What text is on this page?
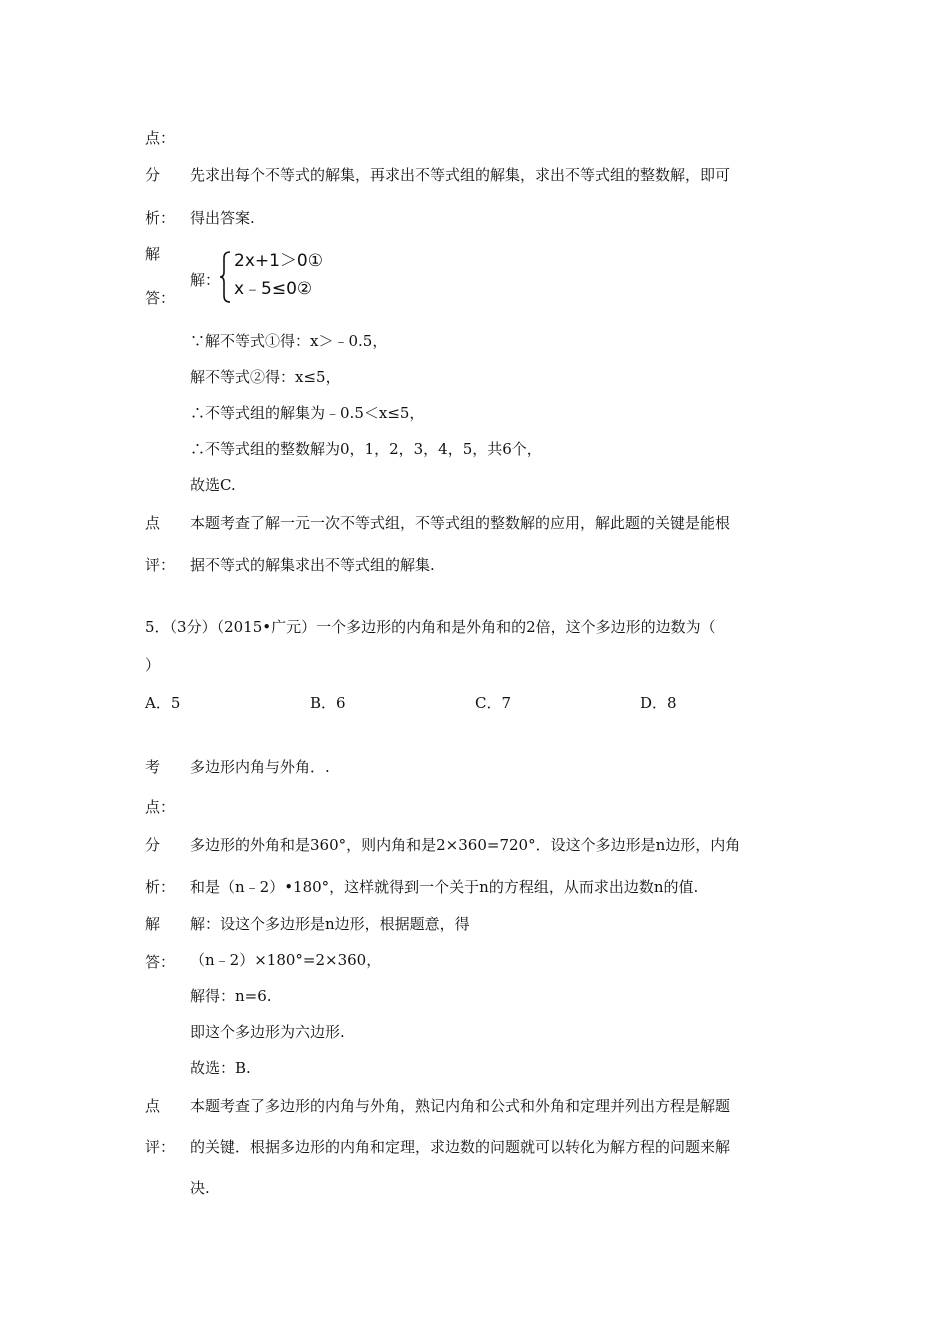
点：
分 先求出每个不等式的解集，再求出不等式组的解集，求出不等式组的整数解，即可
析： 得出答案.
解
答：
解：
2x+1＞0①
x﹣5≤0②
∵解不等式①得：x＞﹣0.5，
解不等式②得：x≤5，
∴不等式组的解集为﹣0.5＜x≤5，
∴不等式组的整数解为0，1，2，3，4，5，共6个，
故选C.
点 本题考查了解一元一次不等式组，不等式组的整数解的应用，解此题的关键是能根
评： 据不等式的解集求出不等式组的解集.
5．（3分）（2015•广元）一个多边形的内角和是外角和的2倍，这个多边形的边数为（
）
A．5	B．6	C．7	D．8
考 多边形内角与外角．.
点：
分 多边形的外角和是360°，则内角和是2×360=720°．设这个多边形是n边形，内角
析： 和是（n﹣2）•180°，这样就得到一个关于n的方程组，从而求出边数n的值.
解 解：设这个多边形是n边形，根据题意，得
答： （n﹣2）×180°=2×360，
解得：n=6.
即这个多边形为六边形.
故选：B.
点 本题考查了多边形的内角与外角，熟记内角和公式和外角和定理并列出方程是解题
评： 的关键．根据多边形的内角和定理，求边数的问题就可以转化为解方程的问题来解
决.
